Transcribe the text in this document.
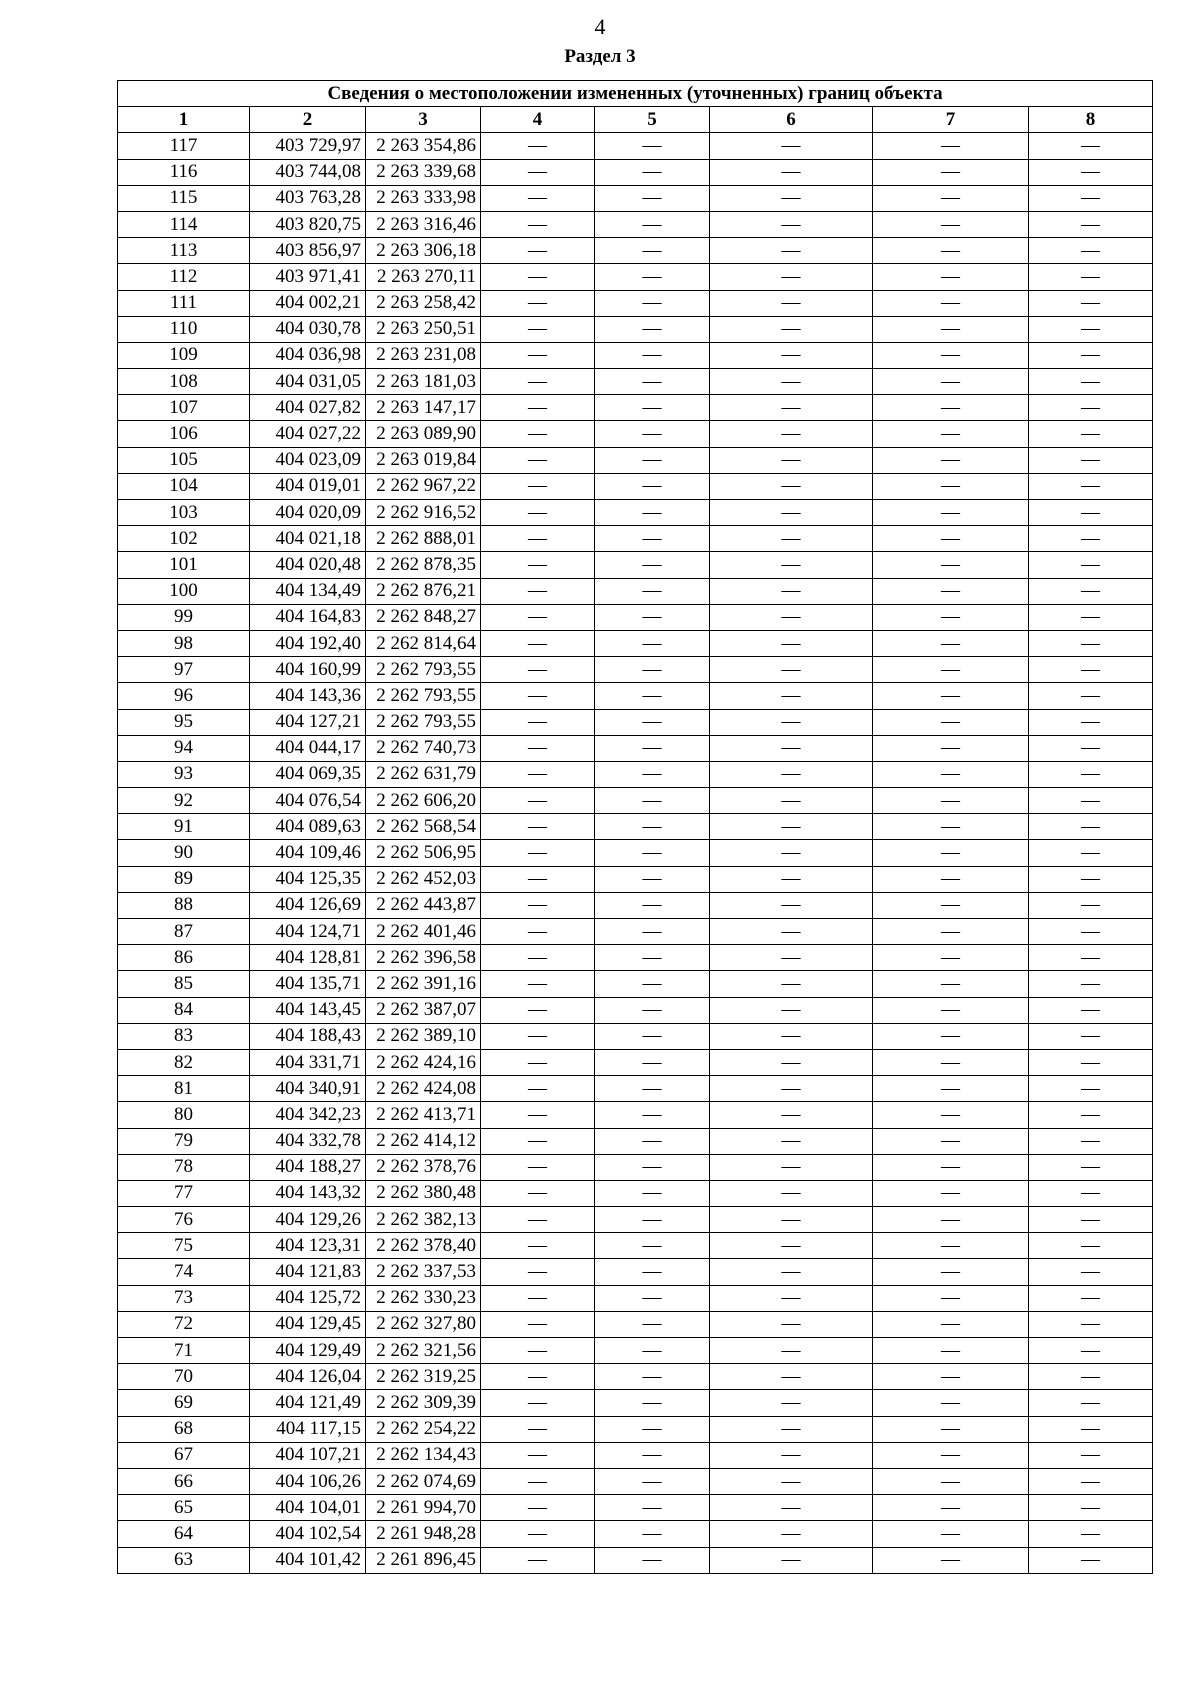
4
Раздел 3
Сведения о местоположении измененных (уточненных) границ объекта							
1	2	3	4	5	6	7	8
117	403 729,97	2 263 354,86	—	—	—	—	—
116	403 744,08	2 263 339,68	—	—	—	—	—
115	403 763,28	2 263 333,98	—	—	—	—	—
114	403 820,75	2 263 316,46	—	—	—	—	—
113	403 856,97	2 263 306,18	—	—	—	—	—
112	403 971,41	2 263 270,11	—	—	—	—	—
111	404 002,21	2 263 258,42	—	—	—	—	—
110	404 030,78	2 263 250,51	—	—	—	—	—
109	404 036,98	2 263 231,08	—	—	—	—	—
108	404 031,05	2 263 181,03	—	—	—	—	—
107	404 027,82	2 263 147,17	—	—	—	—	—
106	404 027,22	2 263 089,90	—	—	—	—	—
105	404 023,09	2 263 019,84	—	—	—	—	—
104	404 019,01	2 262 967,22	—	—	—	—	—
103	404 020,09	2 262 916,52	—	—	—	—	—
102	404 021,18	2 262 888,01	—	—	—	—	—
101	404 020,48	2 262 878,35	—	—	—	—	—
100	404 134,49	2 262 876,21	—	—	—	—	—
99	404 164,83	2 262 848,27	—	—	—	—	—
98	404 192,40	2 262 814,64	—	—	—	—	—
97	404 160,99	2 262 793,55	—	—	—	—	—
96	404 143,36	2 262 793,55	—	—	—	—	—
95	404 127,21	2 262 793,55	—	—	—	—	—
94	404 044,17	2 262 740,73	—	—	—	—	—
93	404 069,35	2 262 631,79	—	—	—	—	—
92	404 076,54	2 262 606,20	—	—	—	—	—
91	404 089,63	2 262 568,54	—	—	—	—	—
90	404 109,46	2 262 506,95	—	—	—	—	—
89	404 125,35	2 262 452,03	—	—	—	—	—
88	404 126,69	2 262 443,87	—	—	—	—	—
87	404 124,71	2 262 401,46	—	—	—	—	—
86	404 128,81	2 262 396,58	—	—	—	—	—
85	404 135,71	2 262 391,16	—	—	—	—	—
84	404 143,45	2 262 387,07	—	—	—	—	—
83	404 188,43	2 262 389,10	—	—	—	—	—
82	404 331,71	2 262 424,16	—	—	—	—	—
81	404 340,91	2 262 424,08	—	—	—	—	—
80	404 342,23	2 262 413,71	—	—	—	—	—
79	404 332,78	2 262 414,12	—	—	—	—	—
78	404 188,27	2 262 378,76	—	—	—	—	—
77	404 143,32	2 262 380,48	—	—	—	—	—
76	404 129,26	2 262 382,13	—	—	—	—	—
75	404 123,31	2 262 378,40	—	—	—	—	—
74	404 121,83	2 262 337,53	—	—	—	—	—
73	404 125,72	2 262 330,23	—	—	—	—	—
72	404 129,45	2 262 327,80	—	—	—	—	—
71	404 129,49	2 262 321,56	—	—	—	—	—
70	404 126,04	2 262 319,25	—	—	—	—	—
69	404 121,49	2 262 309,39	—	—	—	—	—
68	404 117,15	2 262 254,22	—	—	—	—	—
67	404 107,21	2 262 134,43	—	—	—	—	—
66	404 106,26	2 262 074,69	—	—	—	—	—
65	404 104,01	2 261 994,70	—	—	—	—	—
64	404 102,54	2 261 948,28	—	—	—	—	—
63	404 101,42	2 261 896,45	—	—	—	—	—
